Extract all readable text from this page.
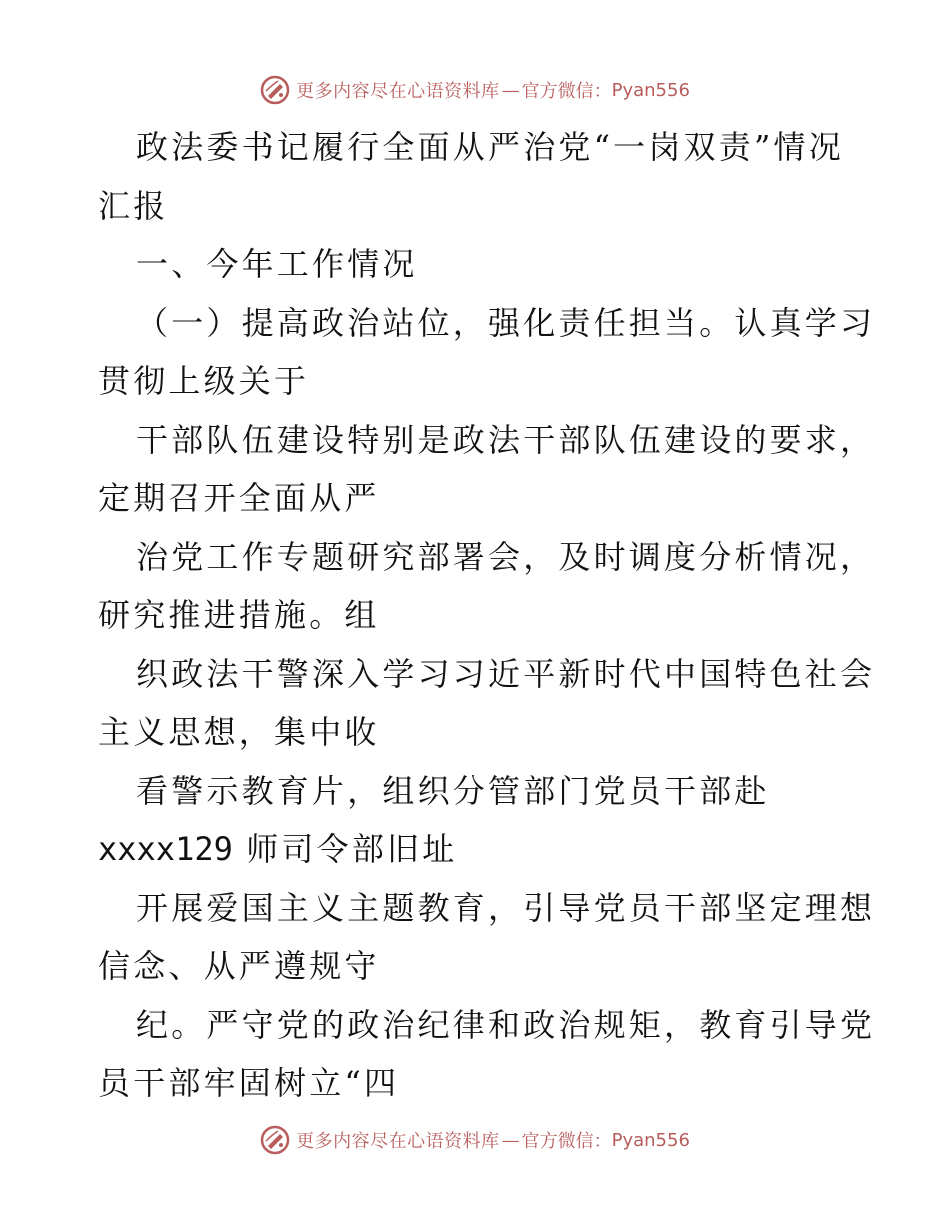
更多内容尽在心语资料库 — 官方微信： Pyan556
政法委书记履行全面从严治党“一岗双责”情况
汇报
一、今年工作情况
（一）提高政治站位，强化责任担当。认真学习
贯彻上级关于
干部队伍建设特别是政法干部队伍建设的要求，
定期召开全面从严
治党工作专题研究部署会，及时调度分析情况，
研究推进措施。组
织政法干警深入学习习近平新时代中国特色社会
主义思想，集中收
看警示教育片，组织分管部门党员干部赴
xxxx129 师司令部旧址
开展爱国主义主题教育，引导党员干部坚定理想
信念、从严遵规守
纪。严守党的政治纪律和政治规矩，教育引导党
员干部牢固树立“四
更多内容尽在心语资料库 — 官方微信： Pyan556
